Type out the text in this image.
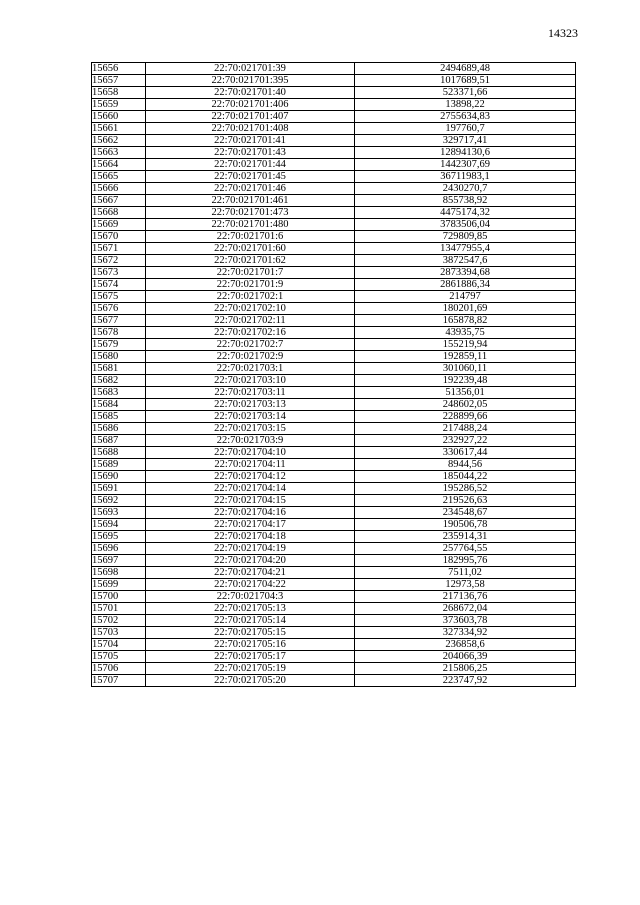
14323
15656	22:70:021701:39	2494689,48
15657	22:70:021701:395	1017689,51
15658	22:70:021701:40	523371,66
15659	22:70:021701:406	13898,22
15660	22:70:021701:407	2755634,83
15661	22:70:021701:408	197760,7
15662	22:70:021701:41	329717,41
15663	22:70:021701:43	12894130,6
15664	22:70:021701:44	1442307,69
15665	22:70:021701:45	36711983,1
15666	22:70:021701:46	2430270,7
15667	22:70:021701:461	855738,92
15668	22:70:021701:473	4475174,32
15669	22:70:021701:480	3783506,04
15670	22:70:021701:6	729809,85
15671	22:70:021701:60	13477955,4
15672	22:70:021701:62	3872547,6
15673	22:70:021701:7	2873394,68
15674	22:70:021701:9	2861886,34
15675	22:70:021702:1	214797
15676	22:70:021702:10	180201,69
15677	22:70:021702:11	165878,82
15678	22:70:021702:16	43935,75
15679	22:70:021702:7	155219,94
15680	22:70:021702:9	192859,11
15681	22:70:021703:1	301060,11
15682	22:70:021703:10	192239,48
15683	22:70:021703:11	51356,01
15684	22:70:021703:13	248602,05
15685	22:70:021703:14	228899,66
15686	22:70:021703:15	217488,24
15687	22:70:021703:9	232927,22
15688	22:70:021704:10	330617,44
15689	22:70:021704:11	8944,56
15690	22:70:021704:12	185044,22
15691	22:70:021704:14	195286,52
15692	22:70:021704:15	219526,63
15693	22:70:021704:16	234548,67
15694	22:70:021704:17	190506,78
15695	22:70:021704:18	235914,31
15696	22:70:021704:19	257764,55
15697	22:70:021704:20	182995,76
15698	22:70:021704:21	7511,02
15699	22:70:021704:22	12973,58
15700	22:70:021704:3	217136,76
15701	22:70:021705:13	268672,04
15702	22:70:021705:14	373603,78
15703	22:70:021705:15	327334,92
15704	22:70:021705:16	236858,6
15705	22:70:021705:17	204066,39
15706	22:70:021705:19	215806,25
15707	22:70:021705:20	223747,92
